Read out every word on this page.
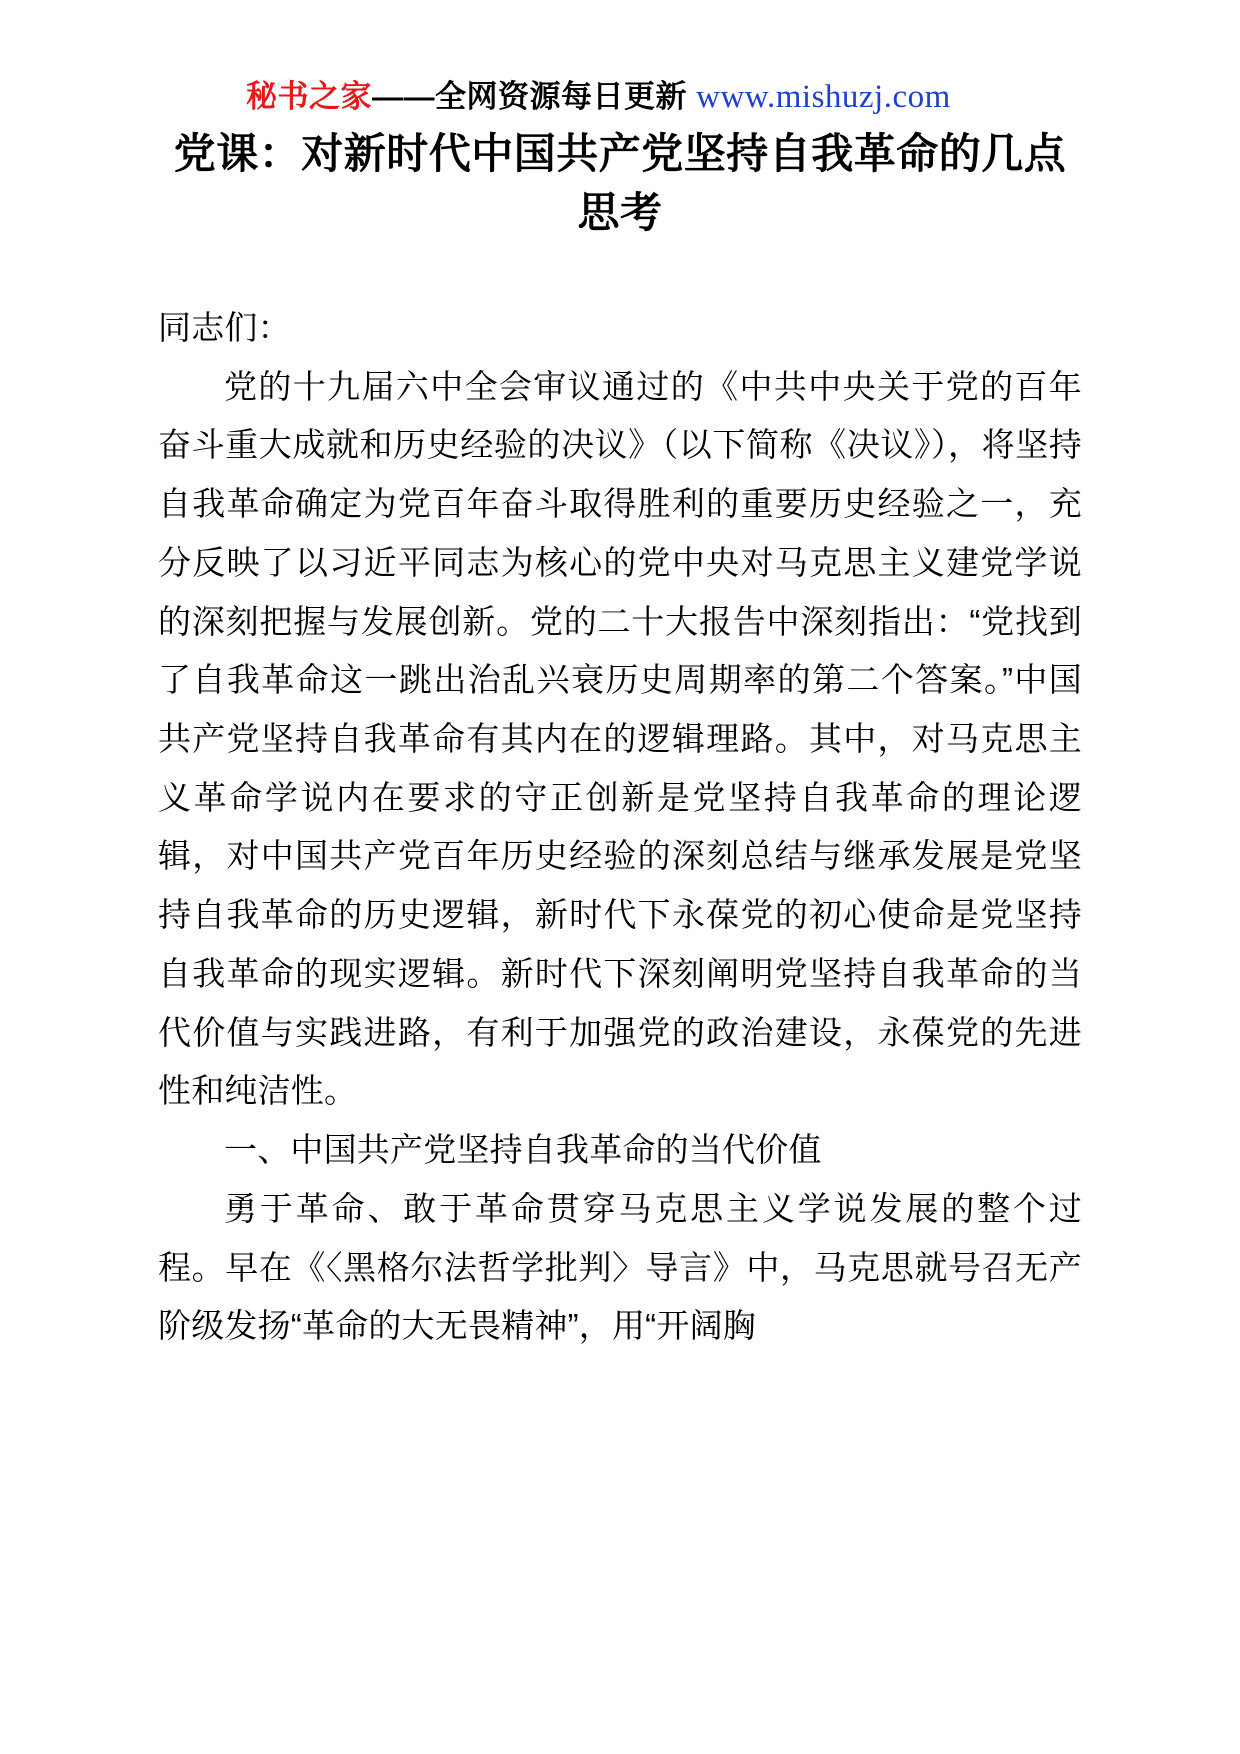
秘书之家——全网资源每日更新 www.mishuzj.com
党课：对新时代中国共产党坚持自我革命的几点思考

同志们：

党的十九届六中全会审议通过的《中共中央关于党的百年奋斗重大成就和历史经验的决议》（以下简称《决议》），将坚持自我革命确定为党百年奋斗取得胜利的重要历史经验之一，充分反映了以习近平同志为核心的党中央对马克思主义建党学说的深刻把握与发展创新。党的二十大报告中深刻指出：“党找到了自我革命这一跳出治乱兴衰历史周期率的第二个答案。”中国共产党坚持自我革命有其内在的逻辑理路。其中，对马克思主义革命学说内在要求的守正创新是党坚持自我革命的理论逻辑，对中国共产党百年历史经验的深刻总结与继承发展是党坚持自我革命的历史逻辑，新时代下永葆党的初心使命是党坚持自我革命的现实逻辑。新时代下深刻阐明党坚持自我革命的当代价值与实践进路，有利于加强党的政治建设，永葆党的先进性和纯洁性。

一、中国共产党坚持自我革命的当代价值

勇于革命、敢于革命贯穿马克思主义学说发展的整个过程。早在《〈黑格尔法哲学批判〉导言》中，马克思就号召无产阶级发扬“革命的大无畏精神”，用“开阔胸
